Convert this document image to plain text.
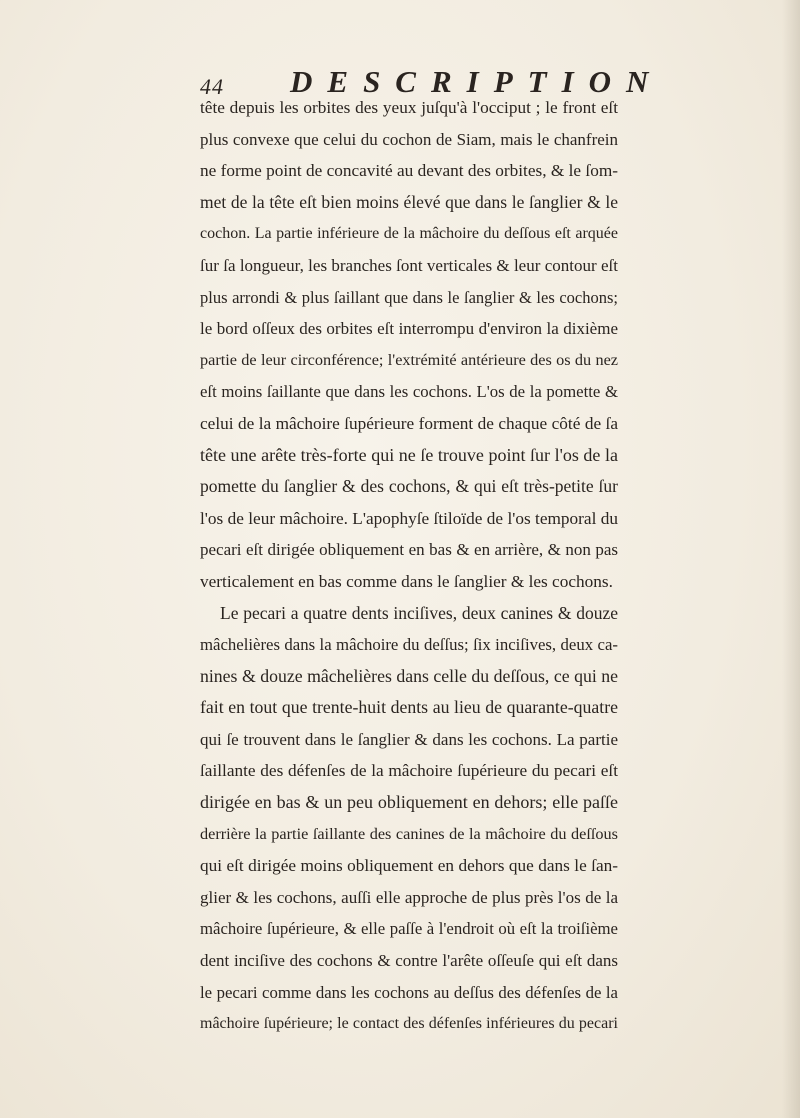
44 DESCRIPTION
tête depuis les orbites des yeux juſqu'à l'occiput ; le front eſt
plus convexe que celui du cochon de Siam, mais le chanfrein
ne forme point de concavité au devant des orbites, & le ſom-
met de la tête eſt bien moins élevé que dans le ſanglier & le
cochon. La partie inférieure de la mâchoire du deſſous eſt arquée
ſur ſa longueur, les branches ſont verticales & leur contour eſt
plus arrondi & plus ſaillant que dans le ſanglier & les cochons;
le bord oſſeux des orbites eſt interrompu d'environ la dixième
partie de leur circonférence; l'extrémité antérieure des os du nez
eſt moins ſaillante que dans les cochons. L'os de la pomette &
celui de la mâchoire ſupérieure forment de chaque côté de ſa
tête une arête très-forte qui ne ſe trouve point ſur l'os de la
pomette du ſanglier & des cochons, & qui eſt très-petite ſur
l'os de leur mâchoire. L'apophyſe ſtiloïde de l'os temporal du
pecari eſt dirigée obliquement en bas & en arrière, & non pas
verticalement en bas comme dans le ſanglier & les cochons.
Le pecari a quatre dents inciſives, deux canines & douze
mâchelières dans la mâchoire du deſſus; ſix inciſives, deux ca-
nines & douze mâchelières dans celle du deſſous, ce qui ne
fait en tout que trente-huit dents au lieu de quarante-quatre
qui ſe trouvent dans le ſanglier & dans les cochons. La partie
ſaillante des défenſes de la mâchoire ſupérieure du pecari eſt
dirigée en bas & un peu obliquement en dehors; elle paſſe
derrière la partie ſaillante des canines de la mâchoire du deſſous
qui eſt dirigée moins obliquement en dehors que dans le ſan-
glier & les cochons, auſſi elle approche de plus près l'os de la
mâchoire ſupérieure, & elle paſſe à l'endroit où eſt la troiſième
dent inciſive des cochons & contre l'arête oſſeuſe qui eſt dans
le pecari comme dans les cochons au deſſus des défenſes de la
mâchoire ſupérieure; le contact des défenſes inférieures du pecari
